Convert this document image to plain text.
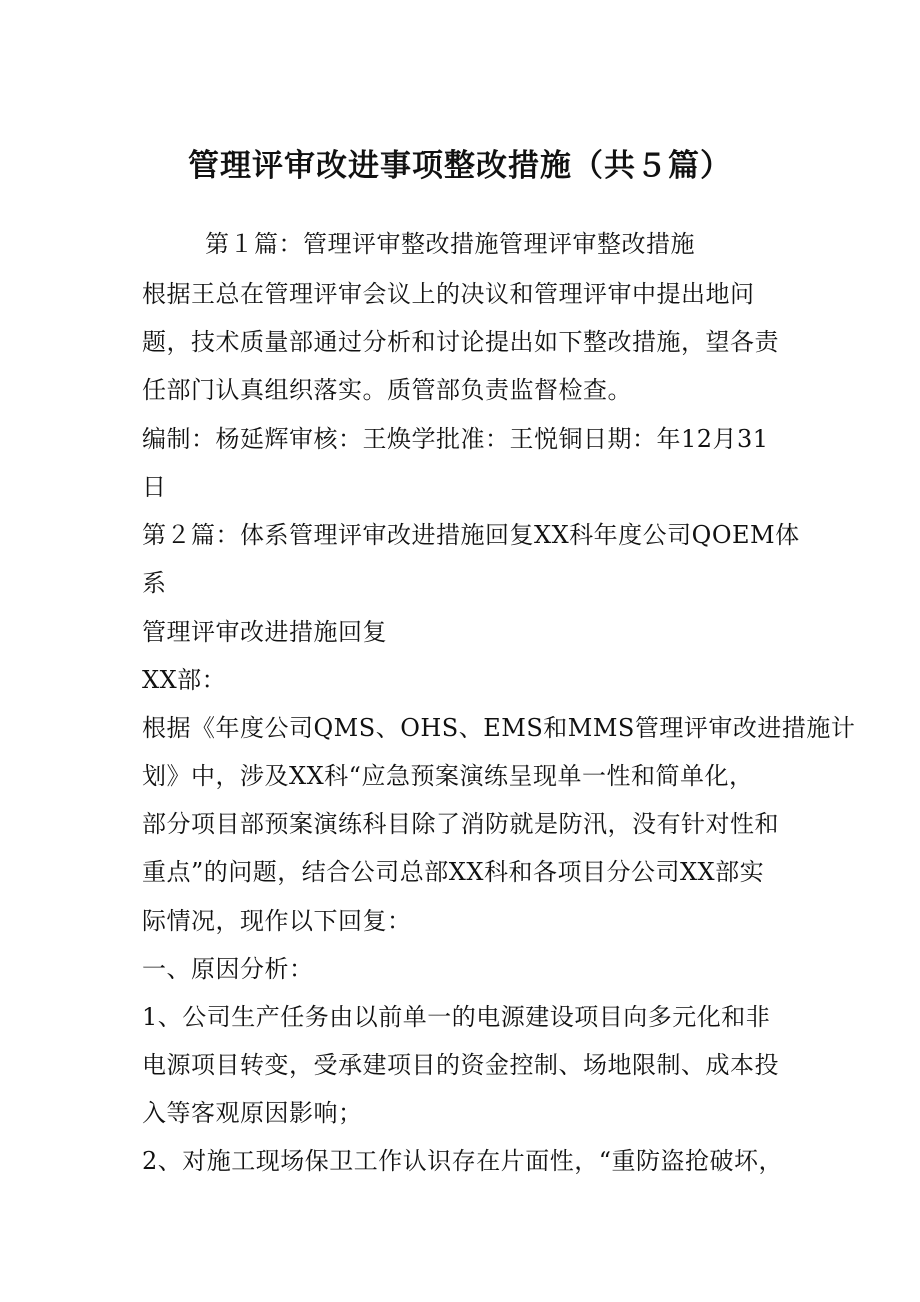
管理评审改进事项整改措施（共５篇）
第１篇：管理评审整改措施管理评审整改措施
根据王总在管理评审会议上的决议和管理评审中提出地问
题，技术质量部通过分析和讨论提出如下整改措施，望各责
任部门认真组织落实。质管部负责监督检查。
编制：杨延辉审核：王焕学批准：王悦铜日期：年12月31
日
第２篇：体系管理评审改进措施回复XX科年度公司QOEM体
系
管理评审改进措施回复
XX部：
根据《年度公司QMS、OHS、EMS和MMS管理评审改进措施计
划》中，涉及XX科“应急预案演练呈现单一性和简单化，
部分项目部预案演练科目除了消防就是防汛，没有针对性和
重点”的问题，结合公司总部XX科和各项目分公司XX部实
际情况，现作以下回复：
一、原因分析：
1、公司生产任务由以前单一的电源建设项目向多元化和非
电源项目转变，受承建项目的资金控制、场地限制、成本投
入等客观原因影响；
2、对施工现场保卫工作认识存在片面性，“重防盗抢破坏，
